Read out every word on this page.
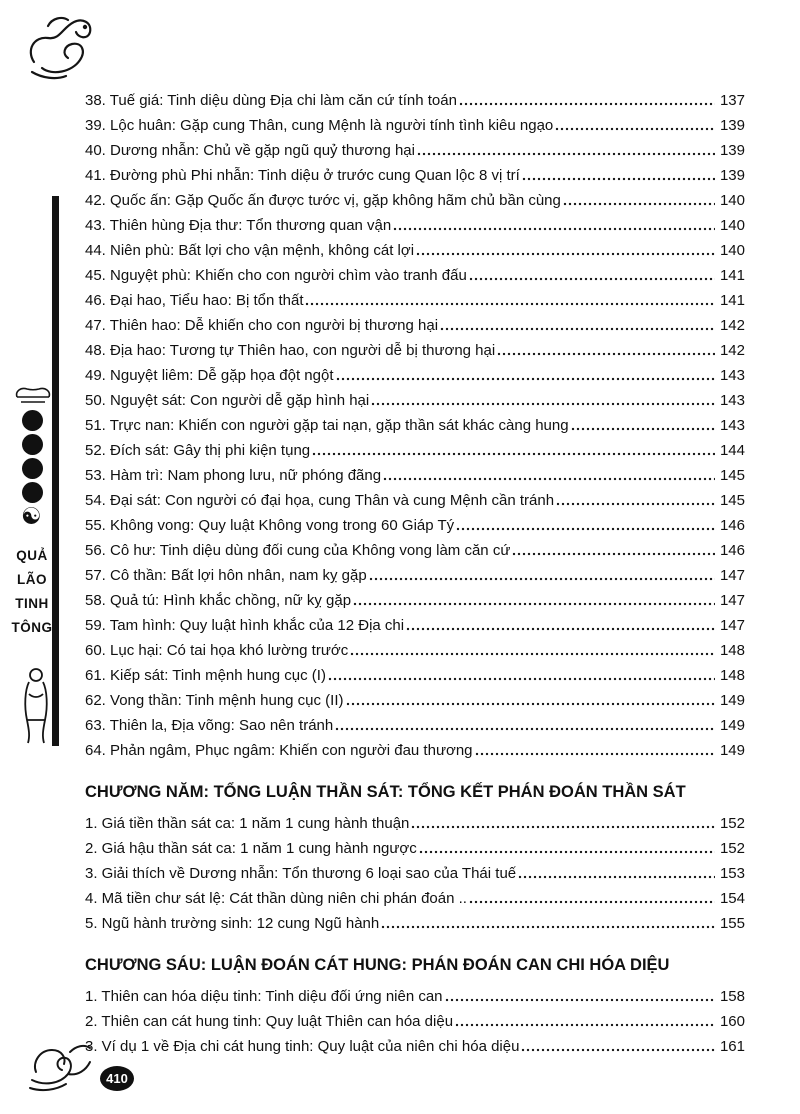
☯
QUẢ
LÃO
TINH
TÔNG
38. Tuế giá: Tinh diệu dùng Địa chi làm căn cứ tính toán	137
39. Lộc huân: Gặp cung Thân, cung Mệnh là người tính tình kiêu ngạo	139
40. Dương nhẫn: Chủ về gặp ngũ quỷ thương hại	139
41. Đường phù Phi nhẫn: Tinh diệu ở trước cung Quan lộc 8 vị trí	139
42. Quốc ấn: Gặp Quốc ấn được tước vị, gặp không hãm chủ bần cùng	140
43. Thiên hùng Địa thư: Tổn thương quan vận	140
44. Niên phù: Bất lợi cho vận mệnh, không cát lợi	140
45. Nguyệt phù: Khiến cho con người chìm vào tranh đấu	141
46. Đại hao, Tiểu hao: Bị tổn thất	141
47. Thiên hao: Dễ khiến cho con người bị thương hại	142
48. Địa hao: Tương tự Thiên hao, con người dễ bị thương hại	142
49. Nguyệt liêm: Dễ gặp họa đột ngột	143
50. Nguyệt sát: Con người dễ gặp hình hại	143
51. Trực nan: Khiến con người gặp tai nạn, gặp thần sát khác càng hung	143
52. Đích sát: Gây thị phi kiện tụng	144
53. Hàm trì: Nam phong lưu, nữ phóng đãng	145
54. Đại sát: Con người có đại họa, cung Thân và cung Mệnh cần tránh	145
55. Không vong: Quy luật Không vong trong 60 Giáp Tý	146
56. Cô hư: Tinh diệu dùng đối cung của Không vong làm căn cứ	146
57. Cô thần: Bất lợi hôn nhân, nam kỵ gặp	147
58. Quả tú: Hình khắc chồng, nữ kỵ gặp	147
59. Tam hình: Quy luật hình khắc của 12 Địa chi	147
60. Lục hại: Có tai họa khó lường trước	148
61. Kiếp sát: Tinh mệnh hung cục (I)	148
62. Vong thần: Tinh mệnh hung cục (II)	149
63. Thiên la, Địa võng: Sao nên tránh	149
64. Phản ngâm, Phục ngâm: Khiến con người đau thương	149
CHƯƠNG NĂM: TỔNG LUẬN THẦN SÁT: TỔNG KẾT PHÁN ĐOÁN THẦN SÁT
1. Giá tiền thần sát ca: 1 năm 1 cung hành thuận	152
2. Giá hậu thần sát ca: 1 năm 1 cung hành ngược	152
3. Giải thích về Dương nhẫn: Tổn thương 6 loại sao của Thái tuế	153
4. Mã tiền chư sát lệ: Cát thần dùng niên chi phán đoán ..	154
5. Ngũ hành trường sinh: 12 cung Ngũ hành	155
CHƯƠNG SÁU: LUẬN ĐOÁN CÁT HUNG: PHÁN ĐOÁN CAN CHI HÓA DIỆU
1. Thiên can hóa diệu tinh: Tinh diệu đối ứng niên can	158
2. Thiên can cát hung tinh: Quy luật Thiên can hóa diệu	160
3. Ví dụ 1 về Địa chi cát hung tinh: Quy luật của niên chi hóa diệu	161
410
